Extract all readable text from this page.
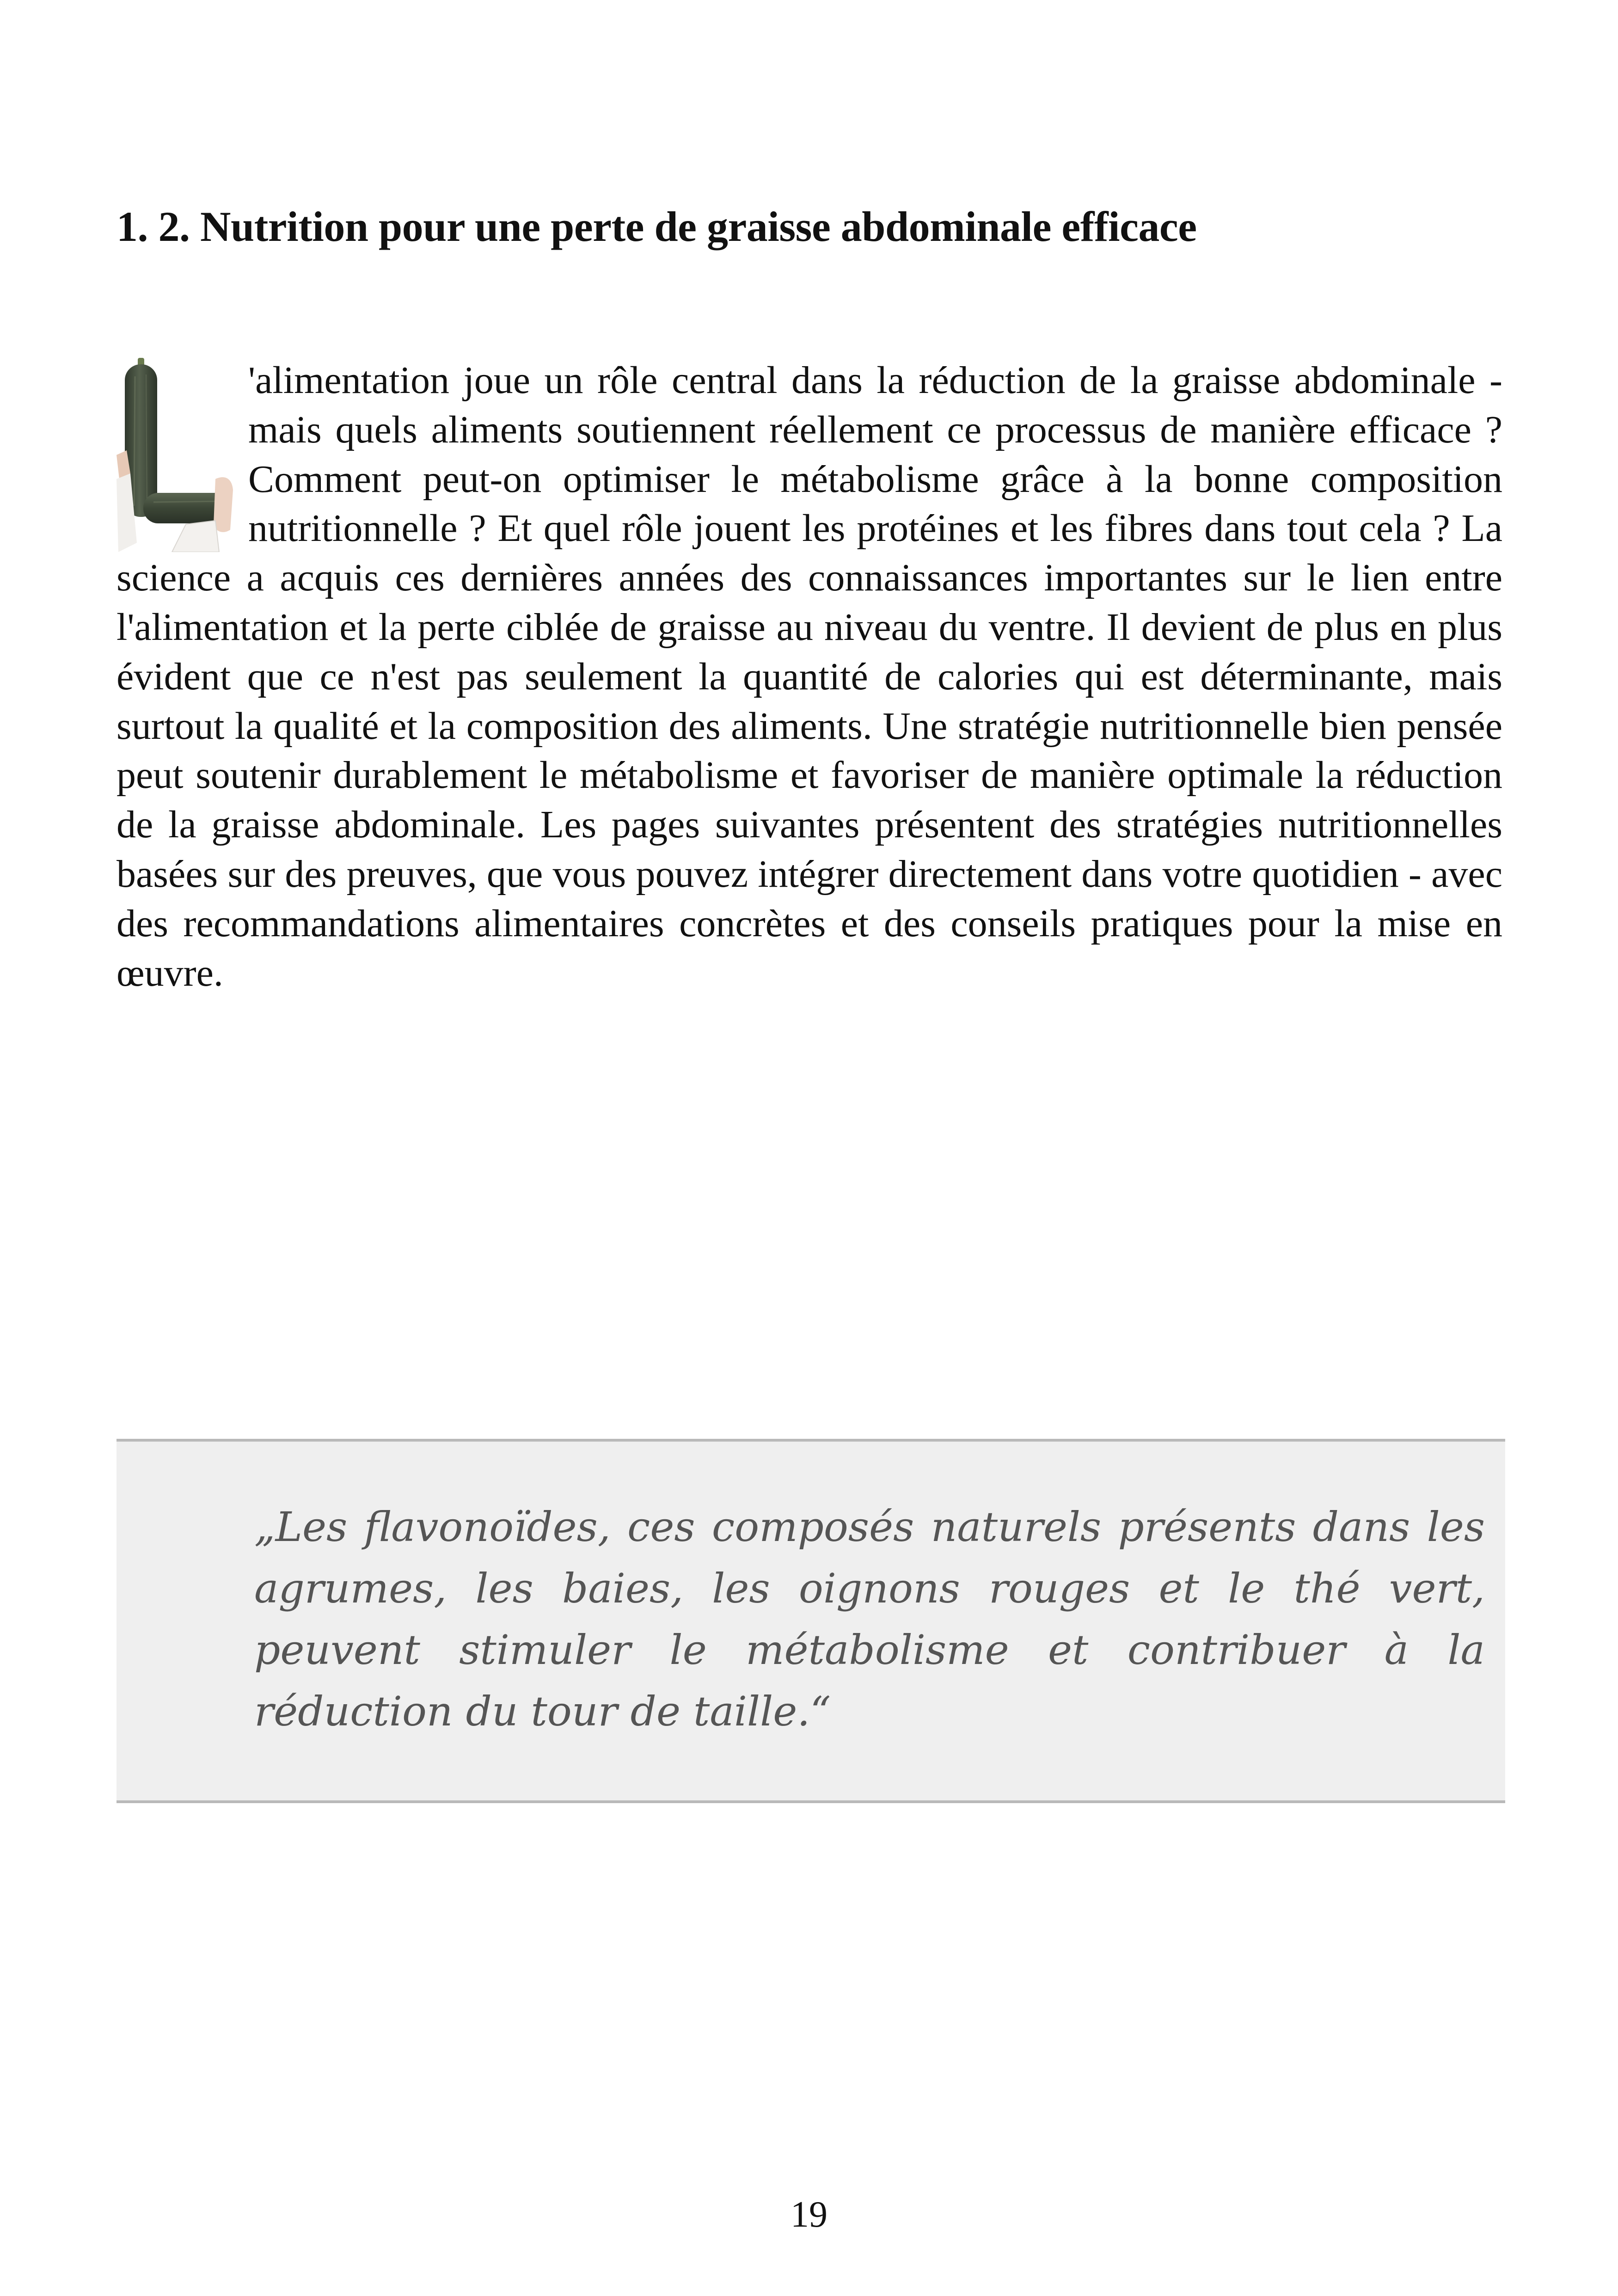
1. 2. Nutrition pour une perte de graisse abdominale efficace

'alimentation joue un rôle central dans la réduction de la graisse abdominale - mais quels aliments soutiennent réellement ce processus de manière efficace ? Comment peut-on optimiser le métabolisme grâce à la bonne composition nutritionnelle ? Et quel rôle jouent les protéines et les fibres dans tout cela ? La science a acquis ces dernières années des connaissances importantes sur le lien entre l'alimentation et la perte ciblée de graisse au niveau du ventre. Il devient de plus en plus évident que ce n'est pas seulement la quantité de calories qui est déterminante, mais surtout la qualité et la composition des aliments. Une stratégie nutritionnelle bien pensée peut soutenir durablement le métabolisme et favoriser de manière optimale la réduction de la graisse abdominale. Les pages suivantes présentent des stratégies nutritionnelles basées sur des preuves, que vous pouvez intégrer directement dans votre quotidien - avec des recommandations alimentaires concrètes et des conseils pratiques pour la mise en œuvre.

„Les flavonoïdes, ces composés naturels présents dans les agrumes, les baies, les oignons rouges et le thé vert, peuvent stimuler le métabolisme et contribuer à la réduction du tour de taille.“

19
